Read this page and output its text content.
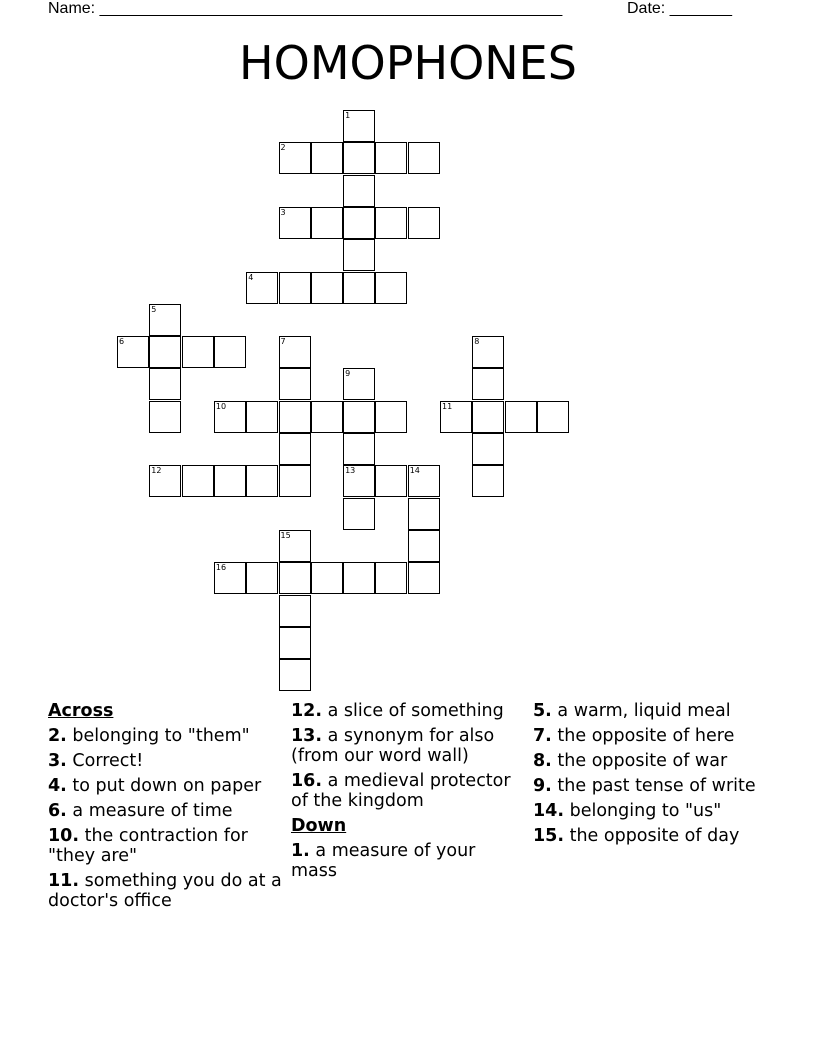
Name: ____________________________________________________	Date: _______
HOMOPHONES
1
2
3
4
5
6	7	8
9
13
10	11
12	14
15
16
Across
2. belonging to "them"
3. Correct!
4. to put down on paper
6. a measure of time
10. the contraction for "they are"
11. something you do at a doctor's office
12. a slice of something
13. a synonym for also (from our word wall)
16. a medieval protector of the kingdom
Down
1. a measure of your mass
5. a warm, liquid meal
7. the opposite of here
8. the opposite of war
9. the past tense of write
14. belonging to "us"
15. the opposite of day
